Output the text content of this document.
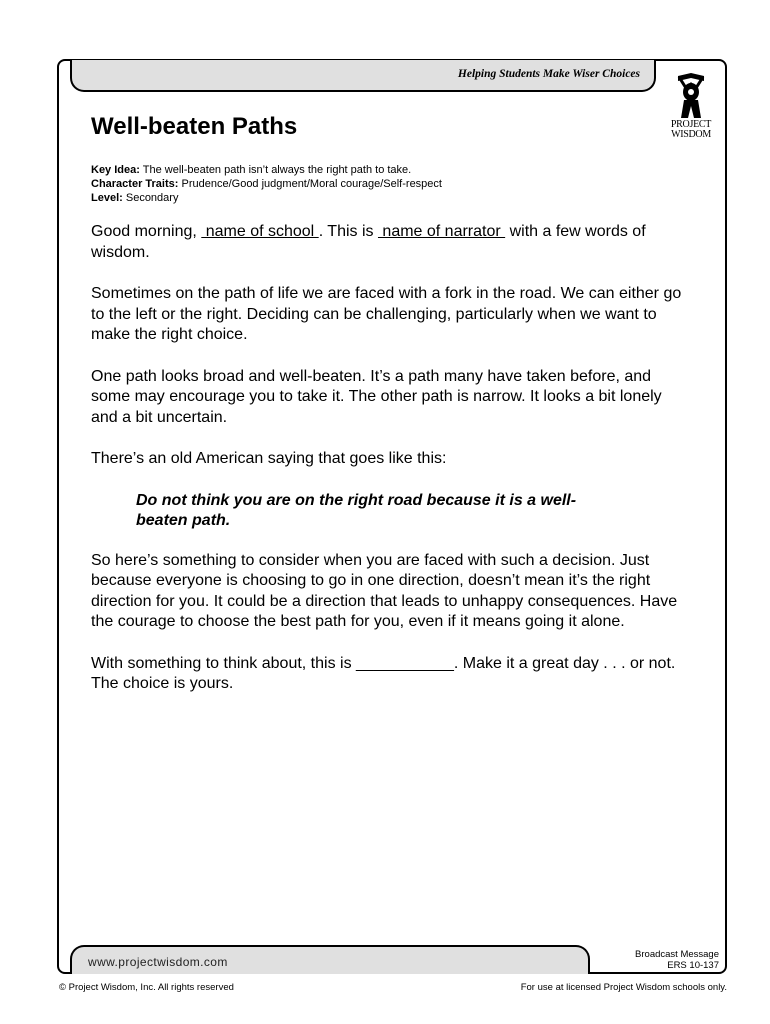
Helping Students Make Wiser Choices
PROJECT
WISDOM
Well-beaten Paths
Key Idea: The well-beaten path isn’t always the right path to take.
Character Traits: Prudence/Good judgment/Moral courage/Self-respect
Level: Secondary

Good morning,  name of school . This is  name of narrator  with a few words of wisdom.

Sometimes on the path of life we are faced with a fork in the road. We can either go to the left or the right. Deciding can be challenging, particularly when we want to make the right choice.

One path looks broad and well-beaten. It’s a path many have taken before, and some may encourage you to take it. The other path is narrow. It looks a bit lonely and a bit uncertain.

There’s an old American saying that goes like this:

Do not think you are on the right road because it is a well-beaten path.

So here’s something to consider when you are faced with such a decision. Just because everyone is choosing to go in one direction, doesn’t mean it’s the right direction for you. It could be a direction that leads to unhappy consequences. Have the courage to choose the best path for you, even if it means going it alone.

With something to think about, this is ___________. Make it a great day . . . or not. The choice is yours.

www.projectwisdom.com
Broadcast Message
ERS 10-137
© Project Wisdom, Inc. All rights reserved	For use at licensed Project Wisdom schools only.
